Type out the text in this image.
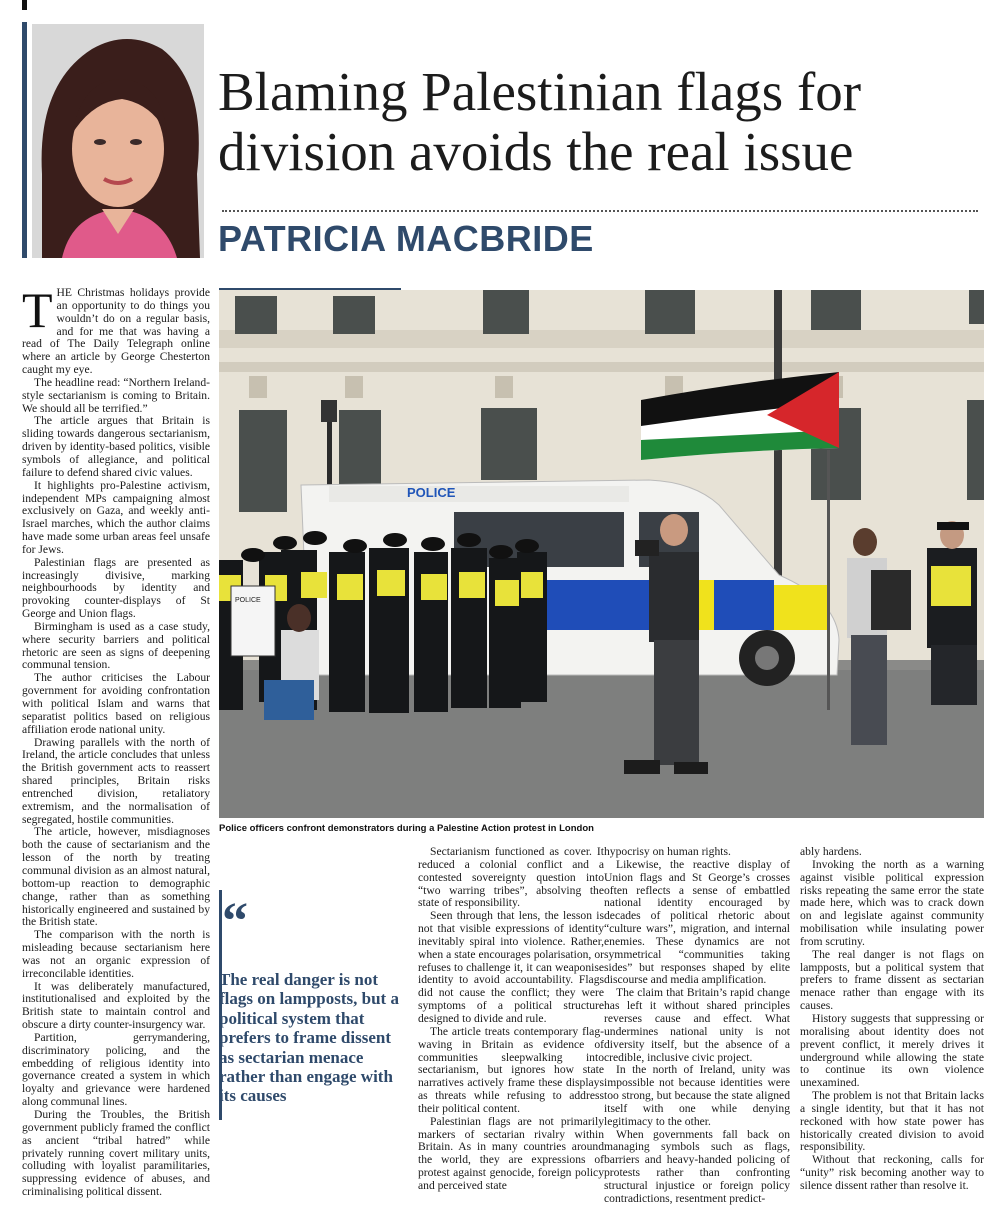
Blaming Palestinian flags for division avoids the real issue
PATRICIA MACBRIDE

THE Christmas holidays provide an opportunity to do things you wouldn’t do on a regular basis, and for me that was having a read of The Daily Telegraph online where an article by George Chesterton caught my eye.

The headline read: “Northern Ireland-style sectarianism is coming to Britain. We should all be terrified.”

The article argues that Britain is sliding towards dangerous sectarianism, driven by identity-based politics, visible symbols of allegiance, and political failure to defend shared civic values.

It highlights pro-Palestine activism, independent MPs campaigning almost exclusively on Gaza, and weekly anti-Israel marches, which the author claims have made some urban areas feel unsafe for Jews.

Palestinian flags are presented as increasingly divisive, marking neighbourhoods by identity and provoking counter-displays of St George and Union flags.

Birmingham is used as a case study, where security barriers and political rhetoric are seen as signs of deepening communal tension.

The author criticises the Labour government for avoiding confrontation with political Islam and warns that separatist politics based on religious affiliation erode national unity.

Drawing parallels with the north of Ireland, the article concludes that unless the British government acts to reassert shared principles, Britain risks entrenched division, retaliatory extremism, and the normalisation of segregated, hostile communities.

The article, however, misdiagnoses both the cause of sectarianism and the lesson of the north by treating communal division as an almost natural, bottom-up reaction to demographic change, rather than as something historically engineered and sustained by the British state.

The comparison with the north is misleading because sectarianism here was not an organic expression of irreconcilable identities.

It was deliberately manufactured, institutionalised and exploited by the British state to maintain control and obscure a dirty counter-insurgency war.

Partition, gerrymandering, discriminatory policing, and the embedding of religious identity into governance created a system in which loyalty and grievance were hardened along communal lines.

During the Troubles, the British government publicly framed the conflict as ancient “tribal hatred” while privately running covert military units, colluding with loyalist paramilitaries, suppressing evidence of abuses, and criminalising political dissent.

POLICE
POLICE
Police officers confront demonstrators during a Palestine Action protest in London
“
The real danger is not flags on lampposts, but a political system that prefers to frame dissent as sectarian menace rather than engage with its causes

Sectarianism functioned as cover. It reduced a colonial conflict and a contested sovereignty question into “two warring tribes”, absolving the state of responsibility.

Seen through that lens, the lesson is not that visible expressions of identity inevitably spiral into violence. Rather, when a state encourages polarisation, or refuses to challenge it, it can weaponise identity to avoid accountability. Flags did not cause the conflict; they were symptoms of a political structure designed to divide and rule.

The article treats contemporary flag-waving in Britain as evidence of communities sleepwalking into sectarianism, but ignores how state narratives actively frame these displays as threats while refusing to address their political content.

Palestinian flags are not primarily markers of sectarian rivalry within Britain. As in many countries around the world, they are expressions of protest against genocide, foreign policy and perceived state

hypocrisy on human rights.

Likewise, the reactive display of Union flags and St George’s crosses often reflects a sense of embattled national identity encouraged by decades of political rhetoric about “culture wars”, migration, and internal enemies. These dynamics are not symmetrical “communities taking sides” but responses shaped by elite discourse and media amplification.

The claim that Britain’s rapid change has left it without shared principles reverses cause and effect. What undermines national unity is not diversity itself, but the absence of a credible, inclusive civic project.

In the north of Ireland, unity was impossible not because identities were too strong, but because the state aligned itself with one while denying legitimacy to the other.

When governments fall back on managing symbols such as flags, barriers and heavy-handed policing of protests rather than confronting structural injustice or foreign policy contradictions, resentment predict-

ably hardens.

Invoking the north as a warning against visible political expression risks repeating the same error the state made here, which was to crack down on and legislate against community mobilisation while insulating power from scrutiny.

The real danger is not flags on lampposts, but a political system that prefers to frame dissent as sectarian menace rather than engage with its causes.

History suggests that suppressing or moralising about identity does not prevent conflict, it merely drives it underground while allowing the state to continue its own violence unexamined.

The problem is not that Britain lacks a single identity, but that it has not reckoned with how state power has historically created division to avoid responsibility.

Without that reckoning, calls for “unity” risk becoming another way to silence dissent rather than resolve it.
